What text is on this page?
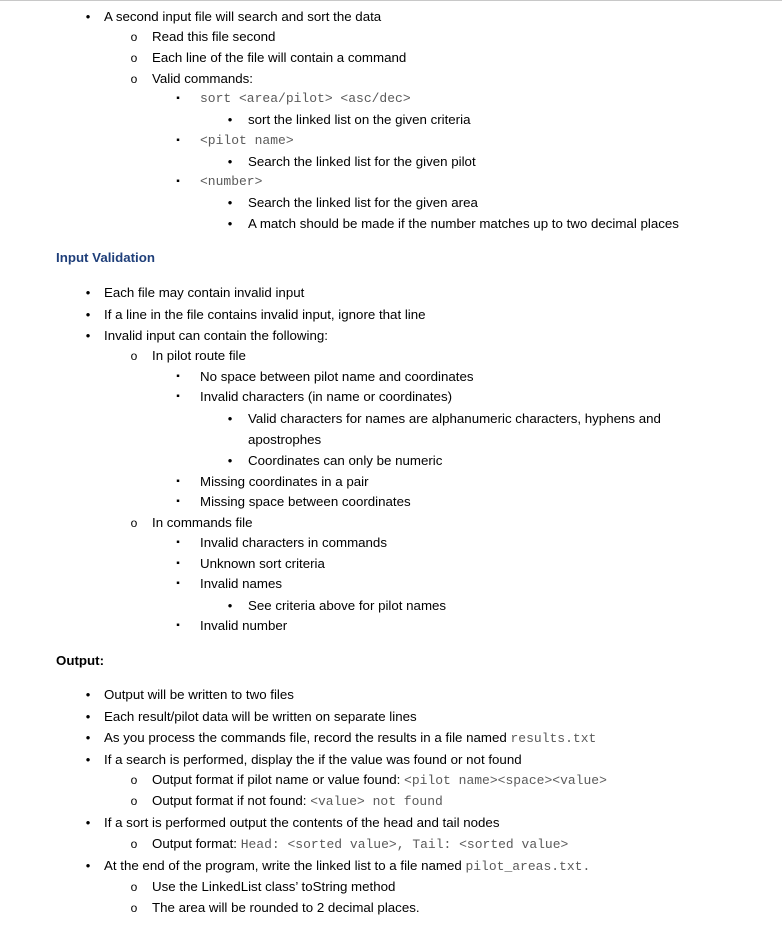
•	A second input file will search and sort the data
o	Read this file second
o	Each line of the file will contain a command
o	Valid commands:
▪	sort <area/pilot> <asc/dec>
•	sort the linked list on the given criteria
▪	<pilot name>
•	Search the linked list for the given pilot
▪	<number>
•	Search the linked list for the given area
•	A match should be made if the number matches up to two decimal places
Input Validation
•	Each file may contain invalid input
•	If a line in the file contains invalid input, ignore that line
•	Invalid input can contain the following:
o	In pilot route file
▪	No space between pilot name and coordinates
▪	Invalid characters (in name or coordinates)
•	Valid characters for names are alphanumeric characters, hyphens and
apostrophes
•	Coordinates can only be numeric
▪	Missing coordinates in a pair
▪	Missing space between coordinates
o	In commands file
▪	Invalid characters in commands
▪	Unknown sort criteria
▪	Invalid names
•	See criteria above for pilot names
▪	Invalid number
Output:
•	Output will be written to two files
•	Each result/pilot data will be written on separate lines
•	As you process the commands file, record the results in a file named results.txt
•	If a search is performed, display the if the value was found or not found
o	Output format if pilot name or value found: <pilot name><space><value>
o	Output format if not found: <value> not found
•	If a sort is performed output the contents of the head and tail nodes
o	Output format: Head: <sorted value>, Tail: <sorted value>
•	At the end of the program, write the linked list to a file named pilot_areas.txt.
o	Use the LinkedList class’ toString method
o	The area will be rounded to 2 decimal places.
